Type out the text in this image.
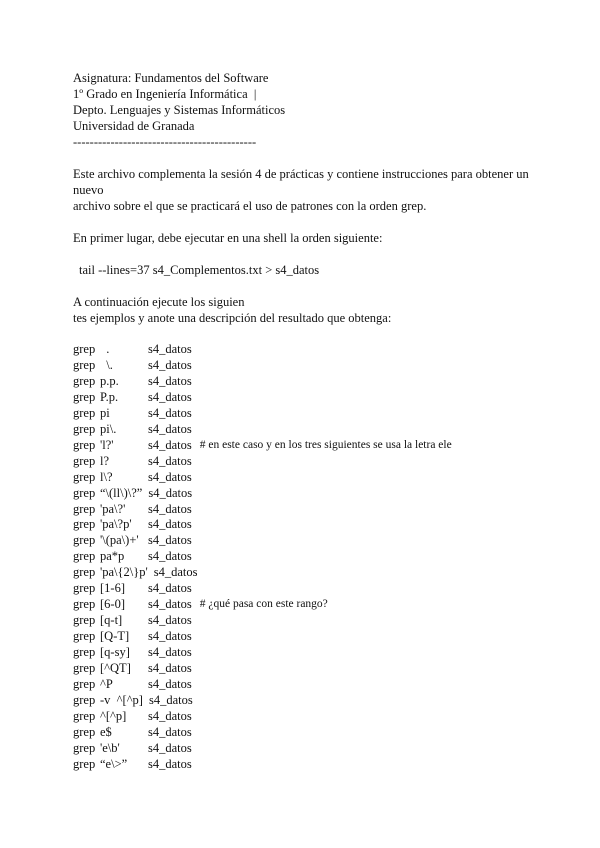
Asignatura: Fundamentos del Software
1º Grado en Ingeniería Informática  |
Depto. Lenguajes y Sistemas Informáticos
Universidad de Granada
--------------------------------------------
Este archivo complementa la sesión 4 de prácticas y contiene instrucciones para obtener un
nuevo
archivo sobre el que se practicará el uso de patrones con la orden grep.
En primer lugar, debe ejecutar en una shell la orden siguiente:
tail --lines=37 s4_Complementos.txt > s4_datos
A continuación ejecute los siguien
tes ejemplos y anote una descripción del resultado que obtenga:
grep .	s4_datos
grep \.	s4_datos
grep p.p.	s4_datos
grep P.p.	s4_datos
grep pi	s4_datos
grep pi\.	s4_datos
grep 'l?'	s4_datos # en este caso y en los tres siguientes se usa la letra ele
grep l?	s4_datos
grep l\?	s4_datos
grep “\(ll\)\?” s4_datos
grep 'pa\?'	s4_datos
grep 'pa\?p'	s4_datos
grep '\(pa\)+' s4_datos
grep pa*p	s4_datos
grep 'pa\{2\}p' s4_datos
grep [1-6]	s4_datos
grep [6-0]	s4_datos # ¿qué pasa con este rango?
grep [q-t]	s4_datos
grep [Q-T]	s4_datos
grep [q-sy]	s4_datos
grep [^QT]	s4_datos
grep ^P	s4_datos
grep -v  ^[^p] s4_datos
grep ^[^p]	s4_datos
grep e$	s4_datos
grep 'e\b'	s4_datos
grep “e\>”	s4_datos
